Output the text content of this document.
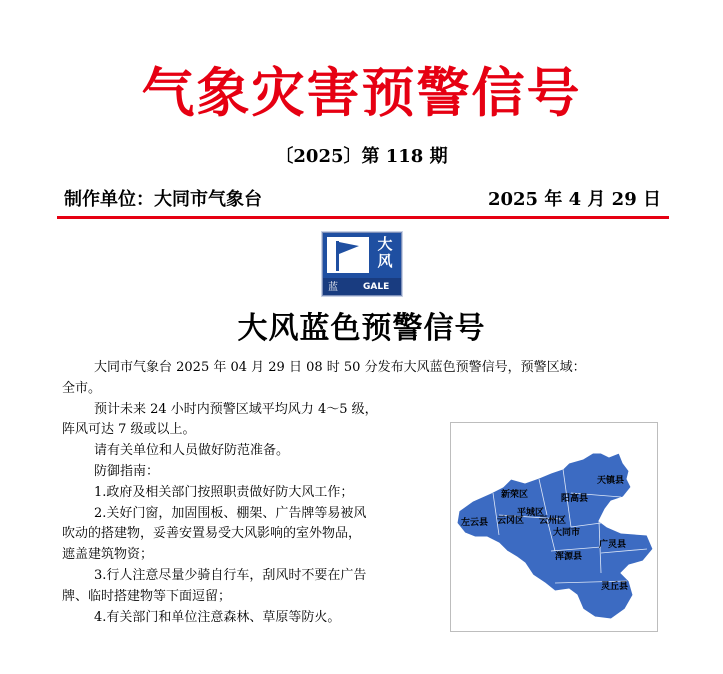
气象灾害预警信号
〔2025〕第 118 期
制作单位：大同市气象台	2025 年 4 月 29 日
大风
蓝	GALE
大风蓝色预警信号
大同市气象台 2025 年 04 月 29 日 08 时 50 分发布大风蓝色预警信号，预警区域：
全市。
预计未来 24 小时内预警区域平均风力 4～5 级，
阵风可达 7 级或以上。
请有关单位和人员做好防范准备。
防御指南：
1.政府及相关部门按照职责做好防大风工作；
2.关好门窗，加固围板、棚架、广告牌等易被风
吹动的搭建物，妥善安置易受大风影响的室外物品，
遮盖建筑物资；
3.行人注意尽量少骑自行车，刮风时不要在广告
牌、临时搭建物等下面逗留；
4.有关部门和单位注意森林、草原等防火。
天镇县
新荣区	阳高县
平城区
左云县 云冈区 云州区
大同市
广灵县
浑源县
灵丘县
